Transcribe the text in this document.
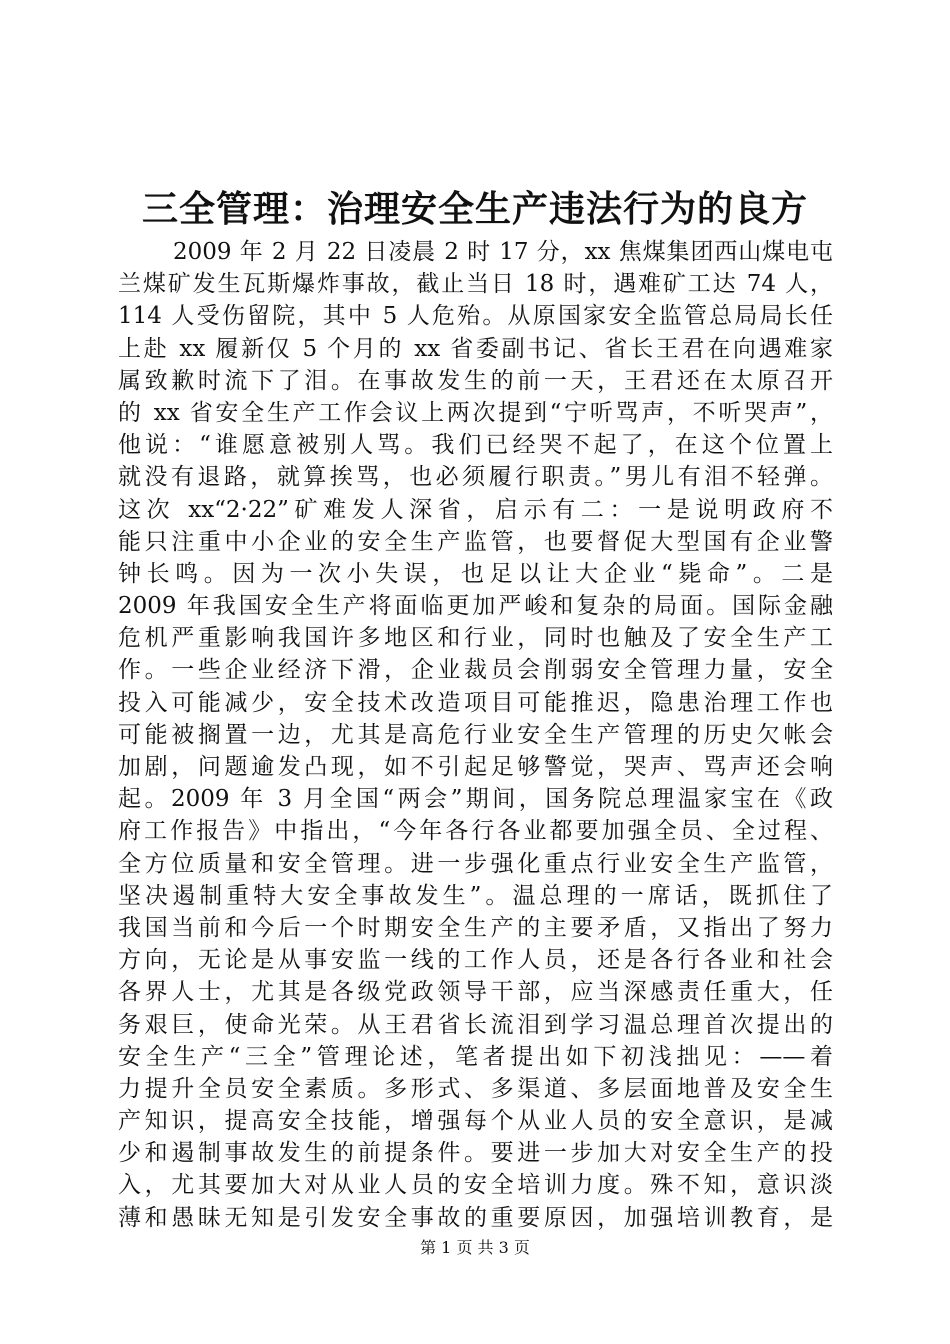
三全管理：治理安全生产违法行为的良方
2009 年 2 月 22 日凌晨 2 时 17 分，xx 焦煤集团西山煤电屯
兰煤矿发生瓦斯爆炸事故，截止当日 18 时，遇难矿工达 74 人，
114 人受伤留院，其中 5 人危殆。从原国家安全监管总局局长任
上赴 xx 履新仅 5 个月的 xx 省委副书记、省长王君在向遇难家
属致歉时流下了泪。在事故发生的前一天，王君还在太原召开
的 xx 省安全生产工作会议上两次提到“宁听骂声，不听哭声”，
他说：“谁愿意被别人骂。我们已经哭不起了，在这个位置上
就没有退路，就算挨骂，也必须履行职责。”男儿有泪不轻弹。
这次 xx“2·22”矿难发人深省，启示有二：一是说明政府不
能只注重中小企业的安全生产监管，也要督促大型国有企业警
钟长鸣。因为一次小失误，也足以让大企业“毙命”。二是
2009 年我国安全生产将面临更加严峻和复杂的局面。国际金融
危机严重影响我国许多地区和行业，同时也触及了安全生产工
作。一些企业经济下滑，企业裁员会削弱安全管理力量，安全
投入可能减少，安全技术改造项目可能推迟，隐患治理工作也
可能被搁置一边，尤其是高危行业安全生产管理的历史欠帐会
加剧，问题逾发凸现，如不引起足够警觉，哭声、骂声还会响
起。2009 年 3 月全国“两会”期间，国务院总理温家宝在《政
府工作报告》中指出，“今年各行各业都要加强全员、全过程、
全方位质量和安全管理。进一步强化重点行业安全生产监管，
坚决遏制重特大安全事故发生”。温总理的一席话，既抓住了
我国当前和今后一个时期安全生产的主要矛盾，又指出了努力
方向，无论是从事安监一线的工作人员，还是各行各业和社会
各界人士，尤其是各级党政领导干部，应当深感责任重大，任
务艰巨，使命光荣。从王君省长流泪到学习温总理首次提出的
安全生产“三全”管理论述，笔者提出如下初浅拙见：——着
力提升全员安全素质。多形式、多渠道、多层面地普及安全生
产知识，提高安全技能，增强每个从业人员的安全意识，是减
少和遏制事故发生的前提条件。要进一步加大对安全生产的投
入，尤其要加大对从业人员的安全培训力度。殊不知，意识淡
薄和愚昧无知是引发安全事故的重要原因，加强培训教育，是
第 1 页 共 3 页
